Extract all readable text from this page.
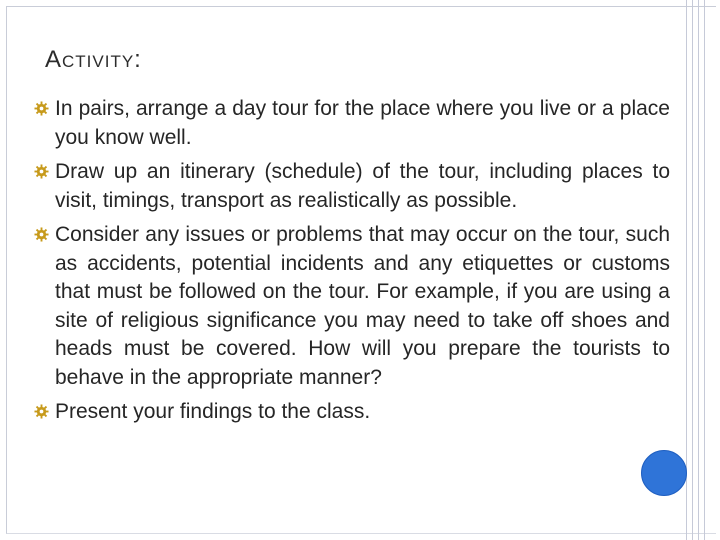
Activity:
In pairs, arrange a day tour for the place where you live or a place you know well.
Draw up an itinerary (schedule) of the tour, including places to visit, timings, transport as realistically as possible.
Consider any issues or problems that may occur on the tour, such as accidents, potential incidents and any etiquettes or customs that must be followed on the tour. For example, if you are using a site of religious significance you may need to take off shoes and heads must be covered. How will you prepare the tourists to behave in the appropriate manner?
Present your findings to the class.
